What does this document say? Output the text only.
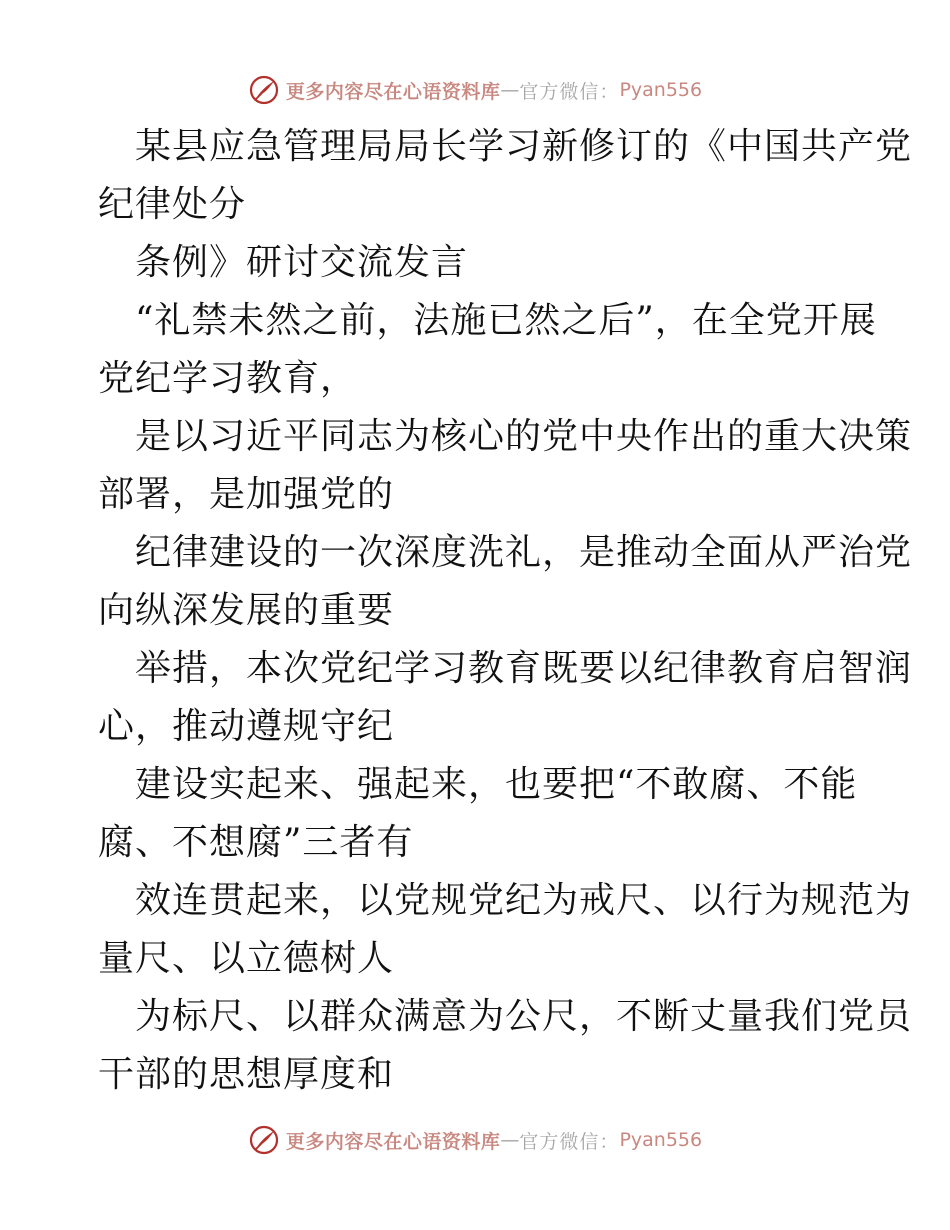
更多内容尽在心语资料库 — 官方微信： Pyan556
某县应急管理局局长学习新修订的《中国共产党
纪律处分
条例》研讨交流发言
“礼禁未然之前，法施已然之后”，在全党开展
党纪学习教育，
是以习近平同志为核心的党中央作出的重大决策
部署，是加强党的
纪律建设的一次深度洗礼，是推动全面从严治党
向纵深发展的重要
举措，本次党纪学习教育既要以纪律教育启智润
心，推动遵规守纪
建设实起来、强起来，也要把“不敢腐、不能
腐、不想腐”三者有
效连贯起来，以党规党纪为戒尺、以行为规范为
量尺、以立德树人
为标尺、以群众满意为公尺，不断丈量我们党员
干部的思想厚度和
更多内容尽在心语资料库 — 官方微信： Pyan556
